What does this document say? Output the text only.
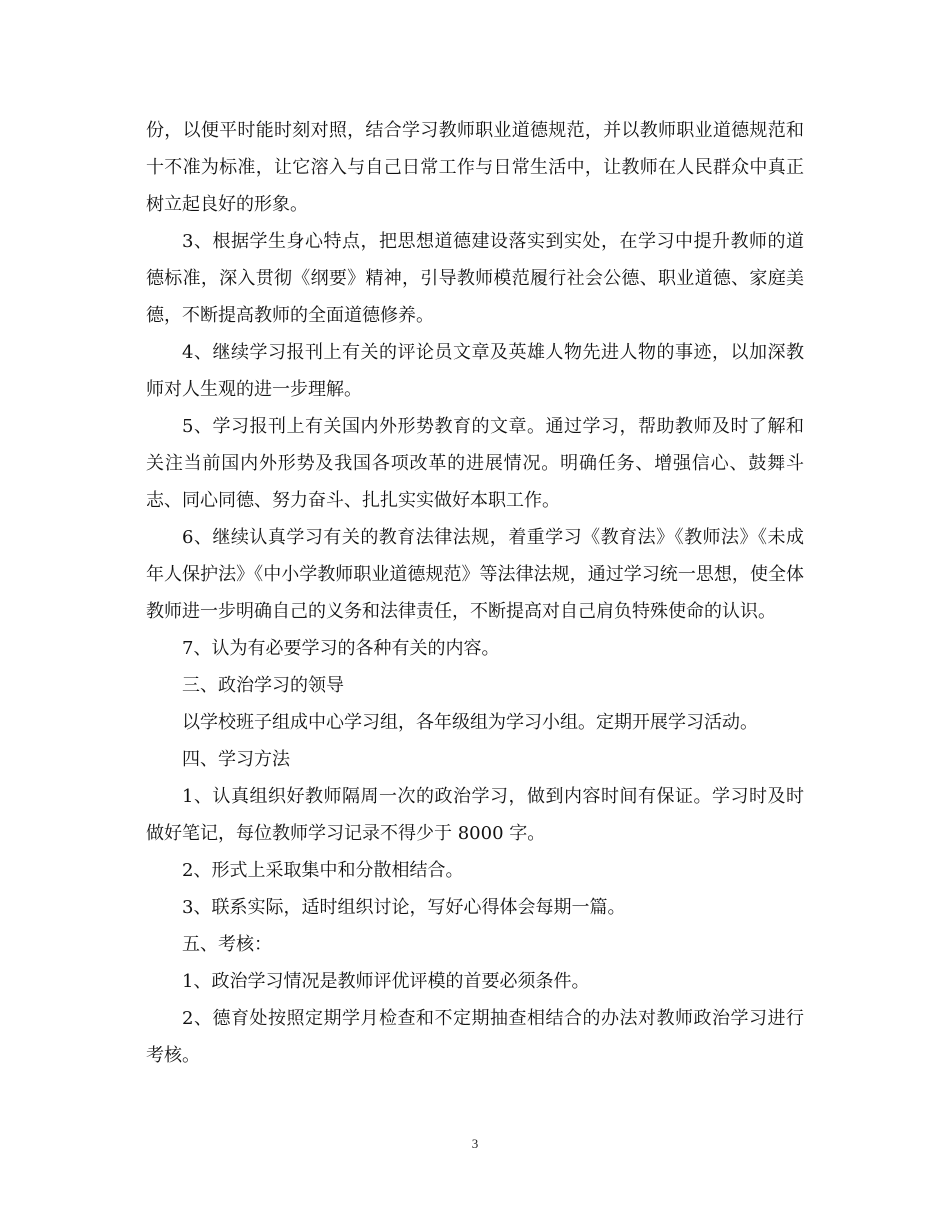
份，以便平时能时刻对照，结合学习教师职业道德规范，并以教师职业道德规范和十不准为标准，让它溶入与自己日常工作与日常生活中，让教师在人民群众中真正树立起良好的形象。

3、根据学生身心特点，把思想道德建设落实到实处，在学习中提升教师的道德标准，深入贯彻《纲要》精神，引导教师模范履行社会公德、职业道德、家庭美德，不断提高教师的全面道德修养。

4、继续学习报刊上有关的评论员文章及英雄人物先进人物的事迹，以加深教师对人生观的进一步理解。

5、学习报刊上有关国内外形势教育的文章。通过学习，帮助教师及时了解和关注当前国内外形势及我国各项改革的进展情况。明确任务、增强信心、鼓舞斗志、同心同德、努力奋斗、扎扎实实做好本职工作。

6、继续认真学习有关的教育法律法规，着重学习《教育法》《教师法》《未成年人保护法》《中小学教师职业道德规范》等法律法规，通过学习统一思想，使全体教师进一步明确自己的义务和法律责任，不断提高对自己肩负特殊使命的认识。

7、认为有必要学习的各种有关的内容。

三、政治学习的领导

以学校班子组成中心学习组，各年级组为学习小组。定期开展学习活动。

四、学习方法

1、认真组织好教师隔周一次的政治学习，做到内容时间有保证。学习时及时做好笔记，每位教师学习记录不得少于 8000 字。

2、形式上采取集中和分散相结合。

3、联系实际，适时组织讨论，写好心得体会每期一篇。

五、考核：

1、政治学习情况是教师评优评模的首要必须条件。

2、德育处按照定期学月检查和不定期抽查相结合的办法对教师政治学习进行考核。

3
